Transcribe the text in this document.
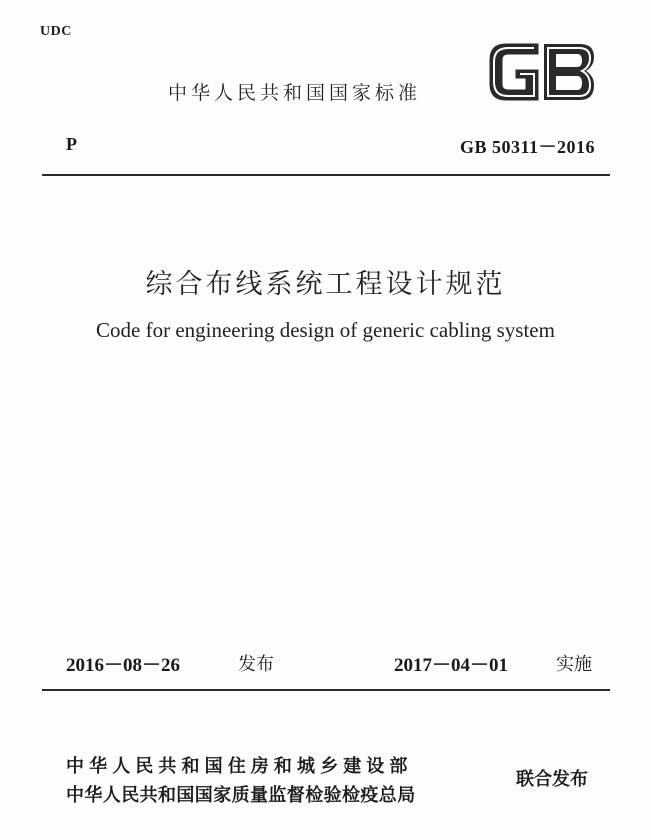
UDC
中华人民共和国国家标准
P	GB 50311－2016
综合布线系统工程设计规范
Code for engineering design of generic cabling system
2016－08－26	发布	2017－04－01	实施
中华人民共和国住房和城乡建设部
中华人民共和国国家质量监督检验检疫总局
联合发布
